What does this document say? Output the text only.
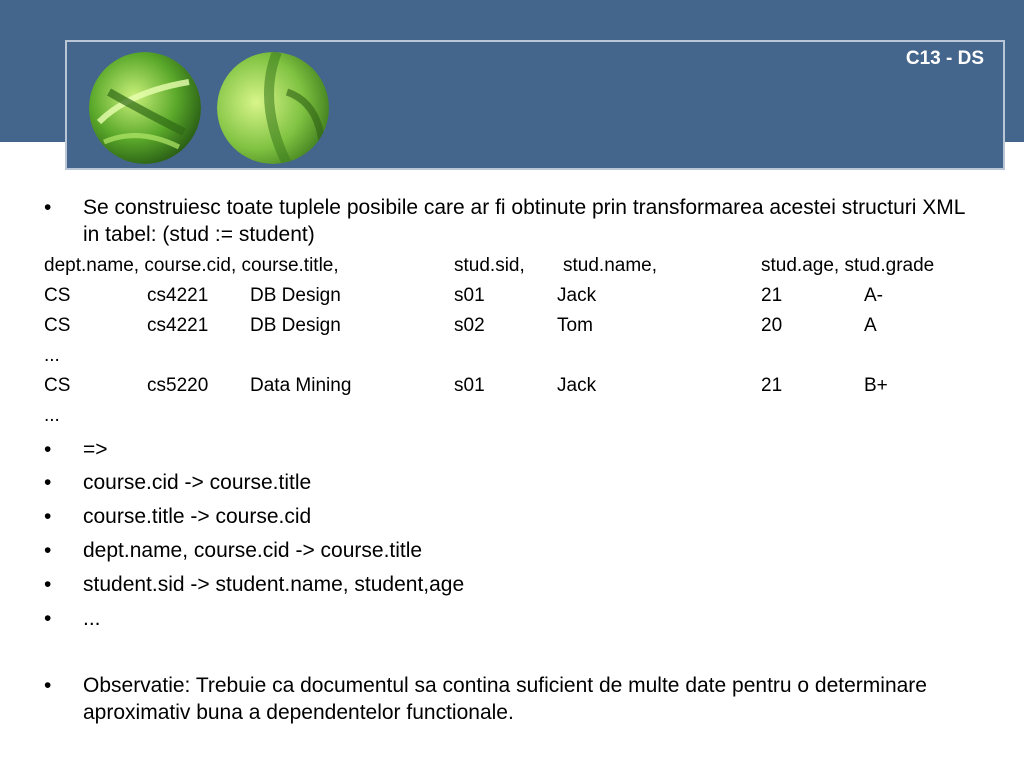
C13 - DS
•	Se construiesc toate tuplele posibile care ar fi obtinute prin transformarea acestei structuri XML in tabel: (stud := student)
dept.name, course.cid, course.title,	stud.sid, stud.name,	stud.age, stud.grade
CS	cs4221 DB Design	s01	Jack	21	A-
CS	cs4221 DB Design	s02	Tom	20	A
...
CS	cs5220 Data Mining	s01	Jack	21	B+
...
•	=>
•	course.cid -> course.title
•	course.title -> course.cid
•	dept.name, course.cid -> course.title
•	student.sid -> student.name, student,age
•	...
•	Observatie: Trebuie ca documentul sa contina suficient de multe date pentru o determinare aproximativ buna a dependentelor functionale.
